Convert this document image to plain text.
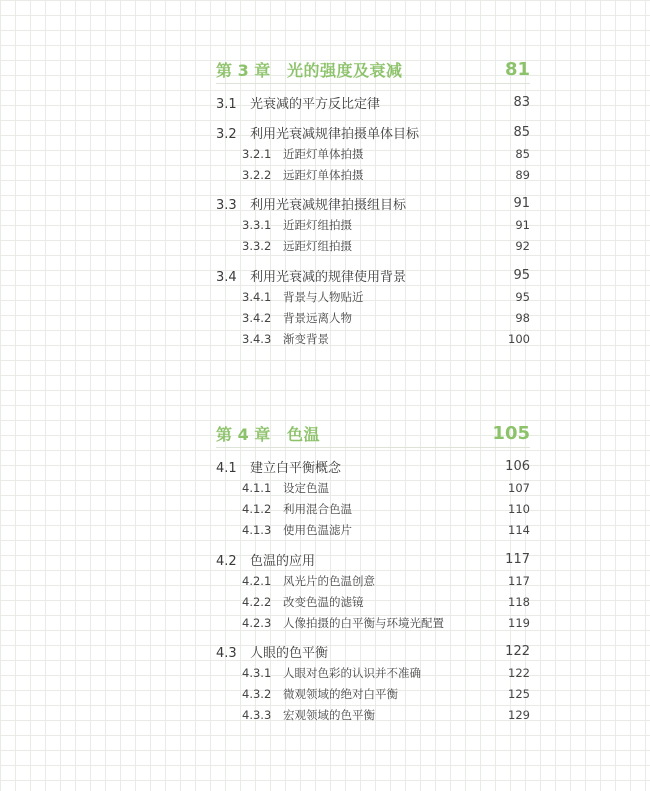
第 3 章 光的强度及衰减	81
3.1 光衰减的平方反比定律	83
3.2 利用光衰减规律拍摄单体目标	85
3.2.1 近距灯单体拍摄	85
3.2.2 远距灯单体拍摄	89
3.3 利用光衰减规律拍摄组目标	91
3.3.1 近距灯组拍摄	91
3.3.2 远距灯组拍摄	92
3.4 利用光衰减的规律使用背景	95
3.4.1 背景与人物贴近	95
3.4.2 背景远离人物	98
3.4.3 渐变背景	100
第 4 章 色温	105
4.1 建立白平衡概念	106
4.1.1 设定色温	107
4.1.2 利用混合色温	110
4.1.3 使用色温滤片	114
4.2 色温的应用	117
4.2.1 风光片的色温创意	117
4.2.2 改变色温的滤镜	118
4.2.3 人像拍摄的白平衡与环境光配置	119
4.3 人眼的色平衡	122
4.3.1 人眼对色彩的认识并不准确	122
4.3.2 微观领域的绝对白平衡	125
4.3.3 宏观领域的色平衡	129
